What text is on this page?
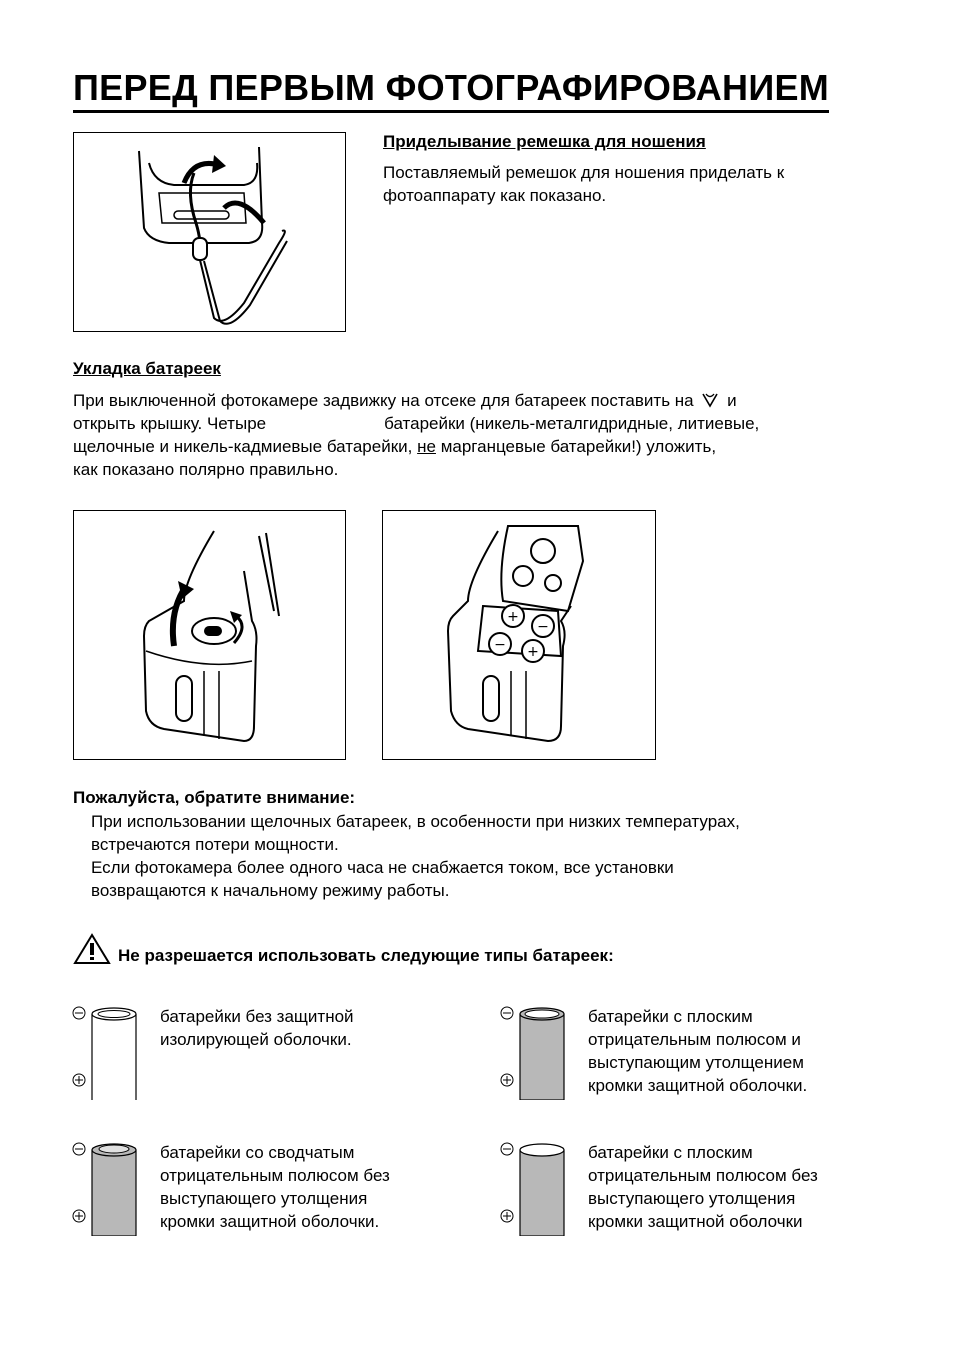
ПЕРЕД ПЕРВЫМ ФОТОГРАФИРОВАНИЕМ
Приделывание ремешка для ношения

Поставляемый ремешок для ношения приделать к

фотоаппарату как показано.

Укладка батареек

При выключенной фотокамере задвижку на отсеке для батареек поставить на и

открыть крышку. Четыре	батарейки (никель-металгидридные, литиевые,

щелочные и никель-кадмиевые батарейки, не марганцевые батарейки!) уложить,

как показано полярно правильно.

+
−
− +
Пожалуйста, обратите внимание:

При использовании щелочных батареек, в особенности при низких температурах,

встречаются потери мощности.

Если фотокамера более одного часа не снабжается током, все установки

возвращаются к начальному режиму работы.

Не разрешается использовать следующие типы батареек:

батарейки без защитной

изолирующей оболочки.

батарейки с плоским

отрицательным полюсом и

выступающим утолщением

кромки защитной оболочки.

батарейки со сводчатым

отрицательным полюсом без

выступающего утолщения

кромки защитной оболочки.

батарейки с плоским

отрицательным полюсом без

выступающего утолщения

кромки защитной оболочки
